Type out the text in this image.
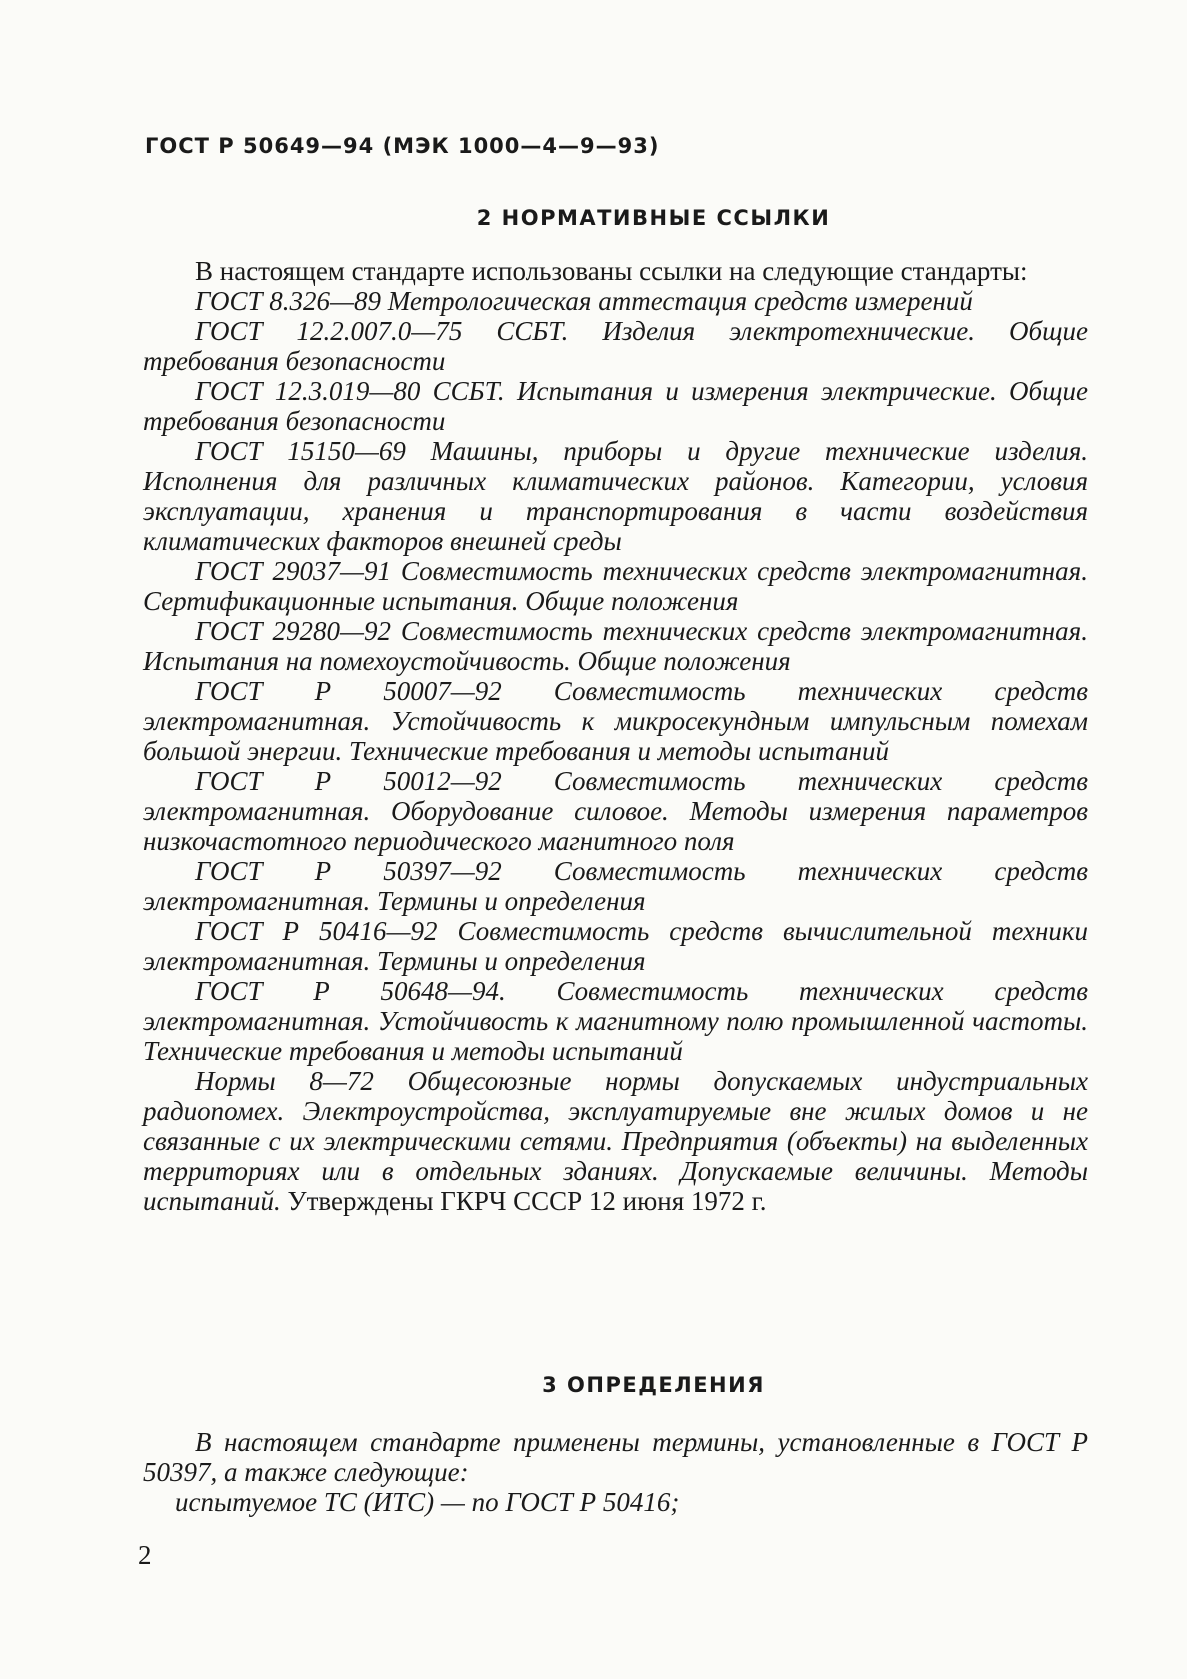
ГОСТ Р 50649—94 (МЭК 1000—4—9—93)
2 НОРМАТИВНЫЕ ССЫЛКИ

В настоящем стандарте использованы ссылки на следующие стандарты:

ГОСТ 8.326—89 Метрологическая аттестация средств измерений

ГОСТ 12.2.007.0—75 ССБТ. Изделия электротехнические. Общие требования безопасности

ГОСТ 12.3.019—80 ССБТ. Испытания и измерения электрические. Общие требования безопасности

ГОСТ 15150—69 Машины, приборы и другие технические изделия. Исполнения для различных климатических районов. Категории, условия эксплуатации, хранения и транспортирования в части воздействия климатических факторов внешней среды

ГОСТ 29037—91 Совместимость технических средств электромагнитная. Сертификационные испытания. Общие положения

ГОСТ 29280—92 Совместимость технических средств электромагнитная. Испытания на помехоустойчивость. Общие положения

ГОСТ Р 50007—92 Совместимость технических средств электромагнитная. Устойчивость к микросекундным импульсным помехам большой энергии. Технические требования и методы испытаний

ГОСТ Р 50012—92 Совместимость технических средств электромагнитная. Оборудование силовое. Методы измерения параметров низкочастотного периодического магнитного поля

ГОСТ Р 50397—92 Совместимость технических средств электромагнитная. Термины и определения

ГОСТ Р 50416—92 Совместимость средств вычислительной техники электромагнитная. Термины и определения

ГОСТ Р 50648—94. Совместимость технических средств электромагнитная. Устойчивость к магнитному полю промышленной частоты. Технические требования и методы испытаний

Нормы 8—72 Общесоюзные нормы допускаемых индустриальных радиопомех. Электроустройства, эксплуатируемые вне жилых домов и не связанные с их электрическими сетями. Предприятия (объекты) на выделенных территориях или в отдельных зданиях. Допускаемые величины. Методы испытаний. Утверждены ГКРЧ СССР 12 июня 1972 г.

3 ОПРЕДЕЛЕНИЯ

В настоящем стандарте применены термины, установленные в ГОСТ Р 50397, а также следующие:

испытуемое ТС (ИТС) — по ГОСТ Р 50416;

2
